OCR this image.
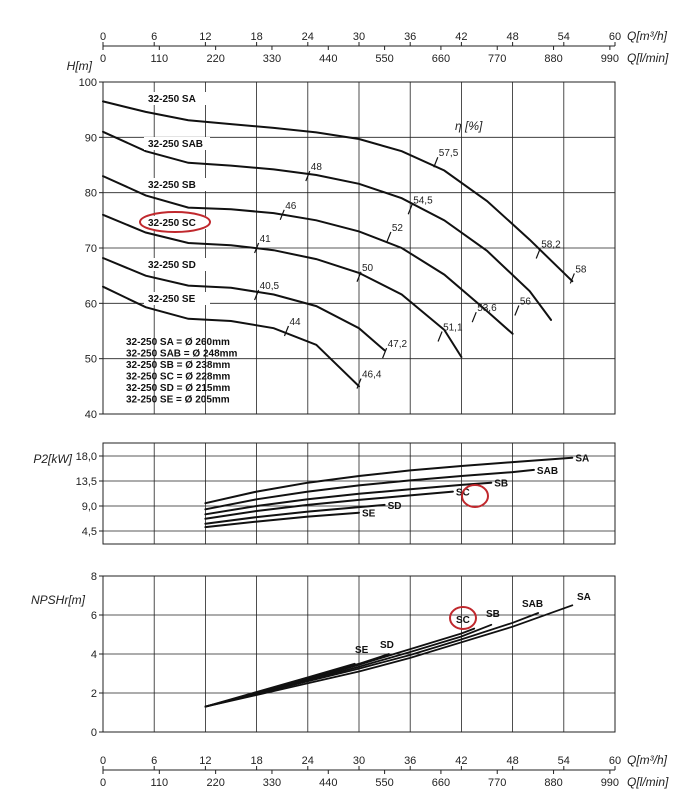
0	6	12	18	24	30	36	42	48	54	60
0	110	220	330	440	550	660	770	880	990
Q[m³/h]
Q[l/min]
40
50
60
70
80
90
100
H[m]
32-250 SA
32-250 SAB
32-250 SB
32-250 SC
32-250 SD
32-250 SE
48
57,5
58,2
58
46
54,5
56
41
52
53,6
40,5
50
51,1
44
47,2
46,4
η [%]
32-250 SA = Ø 260mm
32-250 SAB = Ø 248mm
32-250 SB = Ø 238mm
32-250 SC = Ø 228mm
32-250 SD = Ø 215mm
32-250 SE = Ø 205mm
4,5
9,0
13,5
18,0
P2[kW]	SA
SAB
SB
SC
SD
SE
0
2
4
6
8
NPSHr[m]	SA
SAB
SB
SC
SD
SE
0	6	12	18	24	30	36	42	48	54	60
0	110	220	330	440	550	660	770	880	990
Q[m³/h]
Q[l/min]
